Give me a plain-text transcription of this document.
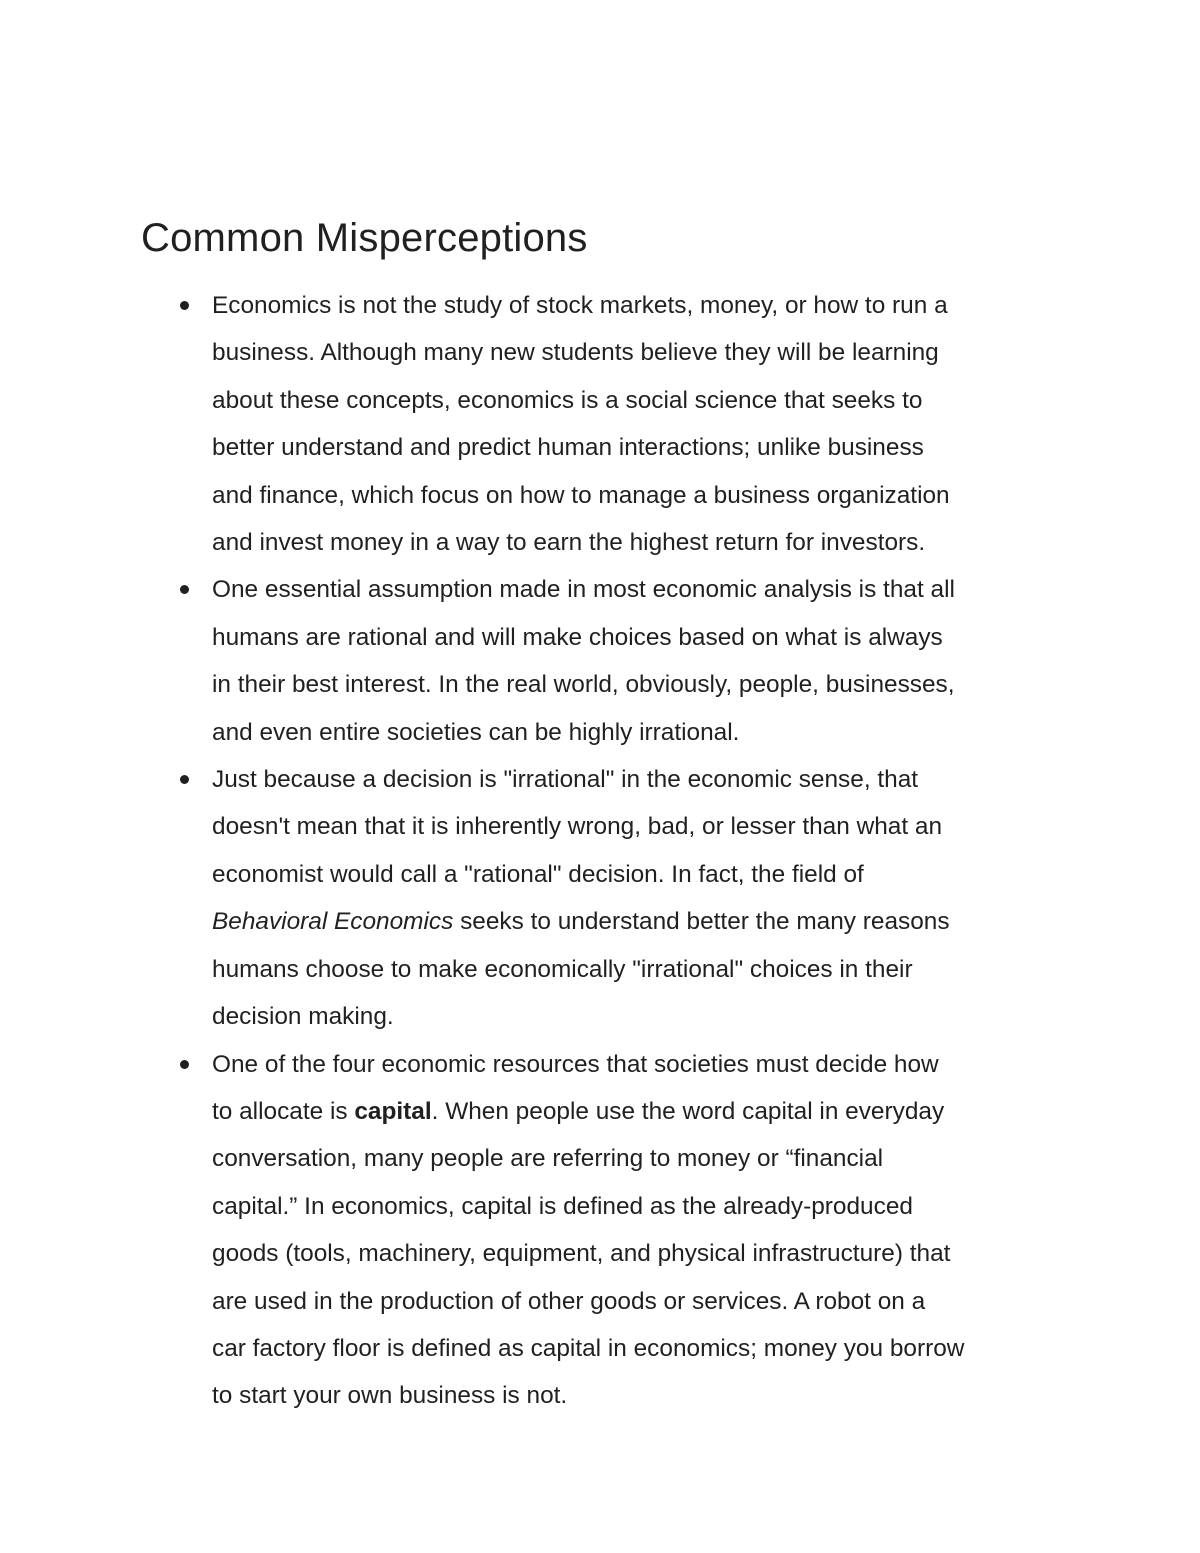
Common Misperceptions
Economics is not the study of stock markets, money, or how to run a
business. Although many new students believe they will be learning
about these concepts, economics is a social science that seeks to
better understand and predict human interactions; unlike business
and finance, which focus on how to manage a business organization
and invest money in a way to earn the highest return for investors.
One essential assumption made in most economic analysis is that all
humans are rational and will make choices based on what is always
in their best interest. In the real world, obviously, people, businesses,
and even entire societies can be highly irrational.
Just because a decision is "irrational" in the economic sense, that
doesn't mean that it is inherently wrong, bad, or lesser than what an
economist would call a "rational" decision. In fact, the field of
Behavioral Economics seeks to understand better the many reasons
humans choose to make economically "irrational" choices in their
decision making.
One of the four economic resources that societies must decide how
to allocate is capital. When people use the word capital in everyday
conversation, many people are referring to money or “financial
capital.” In economics, capital is defined as the already-produced
goods (tools, machinery, equipment, and physical infrastructure) that
are used in the production of other goods or services. A robot on a
car factory floor is defined as capital in economics; money you borrow
to start your own business is not.
